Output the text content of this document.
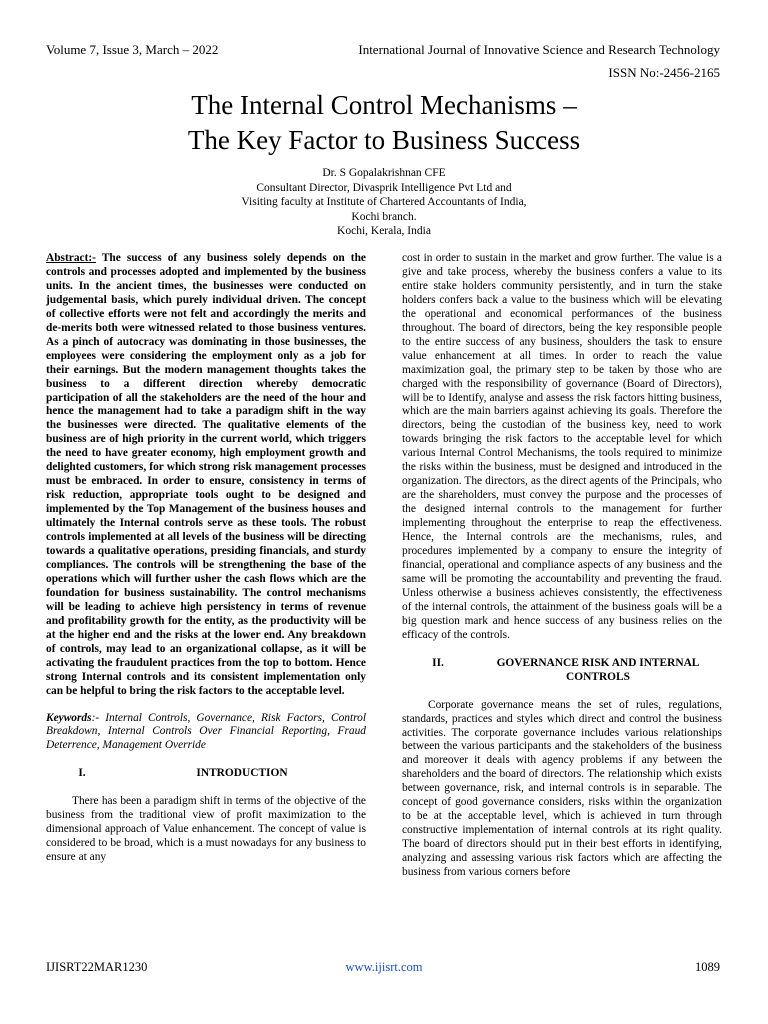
Volume 7, Issue 3, March – 2022	International Journal of Innovative Science and Research Technology
ISSN No:-2456-2165
The Internal Control Mechanisms –
The Key Factor to Business Success
Dr. S Gopalakrishnan CFE
Consultant Director, Divasprik Intelligence Pvt Ltd and
Visiting faculty at Institute of Chartered Accountants of India,
Kochi branch.
Kochi, Kerala, India

Abstract:- The success of any business solely depends on the controls and processes adopted and implemented by the business units. In the ancient times, the businesses were conducted on judgemental basis, which purely individual driven. The concept of collective efforts were not felt and accordingly the merits and de-merits both were witnessed related to those business ventures. As a pinch of autocracy was dominating in those businesses, the employees were considering the employment only as a job for their earnings. But the modern management thoughts takes the business to a different direction whereby democratic participation of all the stakeholders are the need of the hour and hence the management had to take a paradigm shift in the way the businesses were directed. The qualitative elements of the business are of high priority in the current world, which triggers the need to have greater economy, high employment growth and delighted customers, for which strong risk management processes must be embraced. In order to ensure, consistency in terms of risk reduction, appropriate tools ought to be designed and implemented by the Top Management of the business houses and ultimately the Internal controls serve as these tools. The robust controls implemented at all levels of the business will be directing towards a qualitative operations, presiding financials, and sturdy compliances. The controls will be strengthening the base of the operations which will further usher the cash flows which are the foundation for business sustainability. The control mechanisms will be leading to achieve high persistency in terms of revenue and profitability growth for the entity, as the productivity will be at the higher end and the risks at the lower end. Any breakdown of controls, may lead to an organizational collapse, as it will be activating the fraudulent practices from the top to bottom. Hence strong Internal controls and its consistent implementation only can be helpful to bring the risk factors to the acceptable level.

Keywords:- Internal Controls, Governance, Risk Factors, Control Breakdown, Internal Controls Over Financial Reporting, Fraud Deterrence, Management Override

I.	INTRODUCTION

There has been a paradigm shift in terms of the objective of the business from the traditional view of profit maximization to the dimensional approach of Value enhancement. The concept of value is considered to be broad, which is a must nowadays for any business to ensure at any

cost in order to sustain in the market and grow further. The value is a give and take process, whereby the business confers a value to its entire stake holders community persistently, and in turn the stake holders confers back a value to the business which will be elevating the operational and economical performances of the business throughout. The board of directors, being the key responsible people to the entire success of any business, shoulders the task to ensure value enhancement at all times. In order to reach the value maximization goal, the primary step to be taken by those who are charged with the responsibility of governance (Board of Directors), will be to Identify, analyse and assess the risk factors hitting business, which are the main barriers against achieving its goals. Therefore the directors, being the custodian of the business key, need to work towards bringing the risk factors to the acceptable level for which various Internal Control Mechanisms, the tools required to minimize the risks within the business, must be designed and introduced in the organization. The directors, as the direct agents of the Principals, who are the shareholders, must convey the purpose and the processes of the designed internal controls to the management for further implementing throughout the enterprise to reap the effectiveness. Hence, the Internal controls are the mechanisms, rules, and procedures implemented by a company to ensure the integrity of financial, operational and compliance aspects of any business and the same will be promoting the accountability and preventing the fraud. Unless otherwise a business achieves consistently, the effectiveness of the internal controls, the attainment of the business goals will be a big question mark and hence success of any business relies on the efficacy of the controls.

II.	GOVERNANCE RISK AND INTERNAL
CONTROLS

Corporate governance means the set of rules, regulations, standards, practices and styles which direct and control the business activities. The corporate governance includes various relationships between the various participants and the stakeholders of the business and moreover it deals with agency problems if any between the shareholders and the board of directors. The relationship which exists between governance, risk, and internal controls is in separable. The concept of good governance considers, risks within the organization to be at the acceptable level, which is achieved in turn through constructive implementation of internal controls at its right quality. The board of directors should put in their best efforts in identifying, analyzing and assessing various risk factors which are affecting the business from various corners before

IJISRT22MAR1230	www.ijisrt.com	1089
